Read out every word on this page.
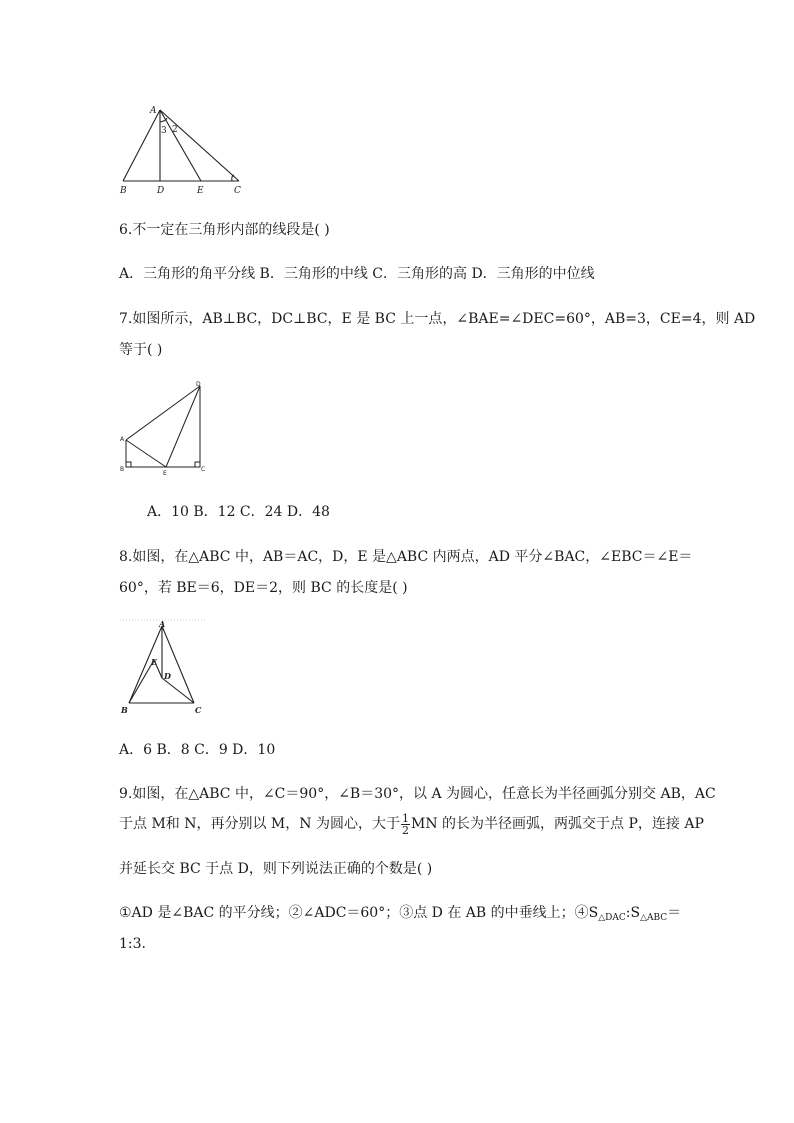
A
B	D	E	C
3 2
6.不一定在三角形内部的线段是( )
A．三角形的角平分线 B．三角形的中线 C．三角形的高 D．三角形的中位线
7.如图所示，AB⊥BC，DC⊥BC，E 是 BC 上一点，∠BAE=∠DEC=60°，AB=3，CE=4，则 AD
等于( )
D
A
B
E
C
A．10 B．12 C．24 D．48
8.如图，在△ABC 中，AB＝AC，D，E 是△ABC 内两点，AD 平分∠BAC，∠EBC＝∠E＝
60°，若 BE＝6，DE＝2，则 BC 的长度是( )
A
E
D
B	C
A．6 B．8 C．9 D．10
9.如图，在△ABC 中，∠C＝90°，∠B＝30°，以 A 为圆心，任意长为半径画弧分别交 AB，AC
于点 M和 N，再分别以 M，N 为圆心，大于 $\frac{1}{2}$ MN 的长为半径画弧，两弧交于点 P，连接 AP
并延长交 BC 于点 D，则下列说法正确的个数是( )
①AD 是∠BAC 的平分线；②∠ADC＝60°；③点 D 在 AB 的中垂线上；$④S_{\triangle DAC}:S_{\triangle ABC}=$
1:3.
